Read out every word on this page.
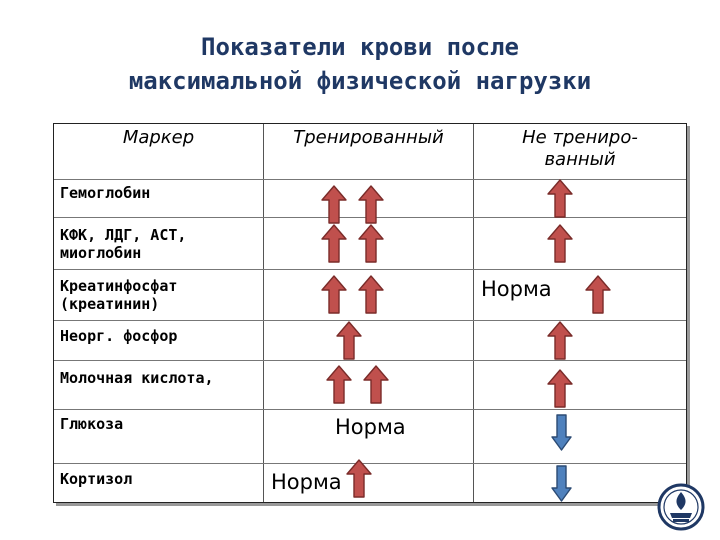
Показатели крови после
максимальной физической нагрузки
Маркер	Тренированный	Не трениро-
ванный
Гемоглобин
КФК, ЛДГ, АСТ,
миоглобин
Креатинфосфат
(креатинин)
Неорг. фосфор
Молочная кислота,
Глюкоза
Кортизол
Норма
Норма
Норма
